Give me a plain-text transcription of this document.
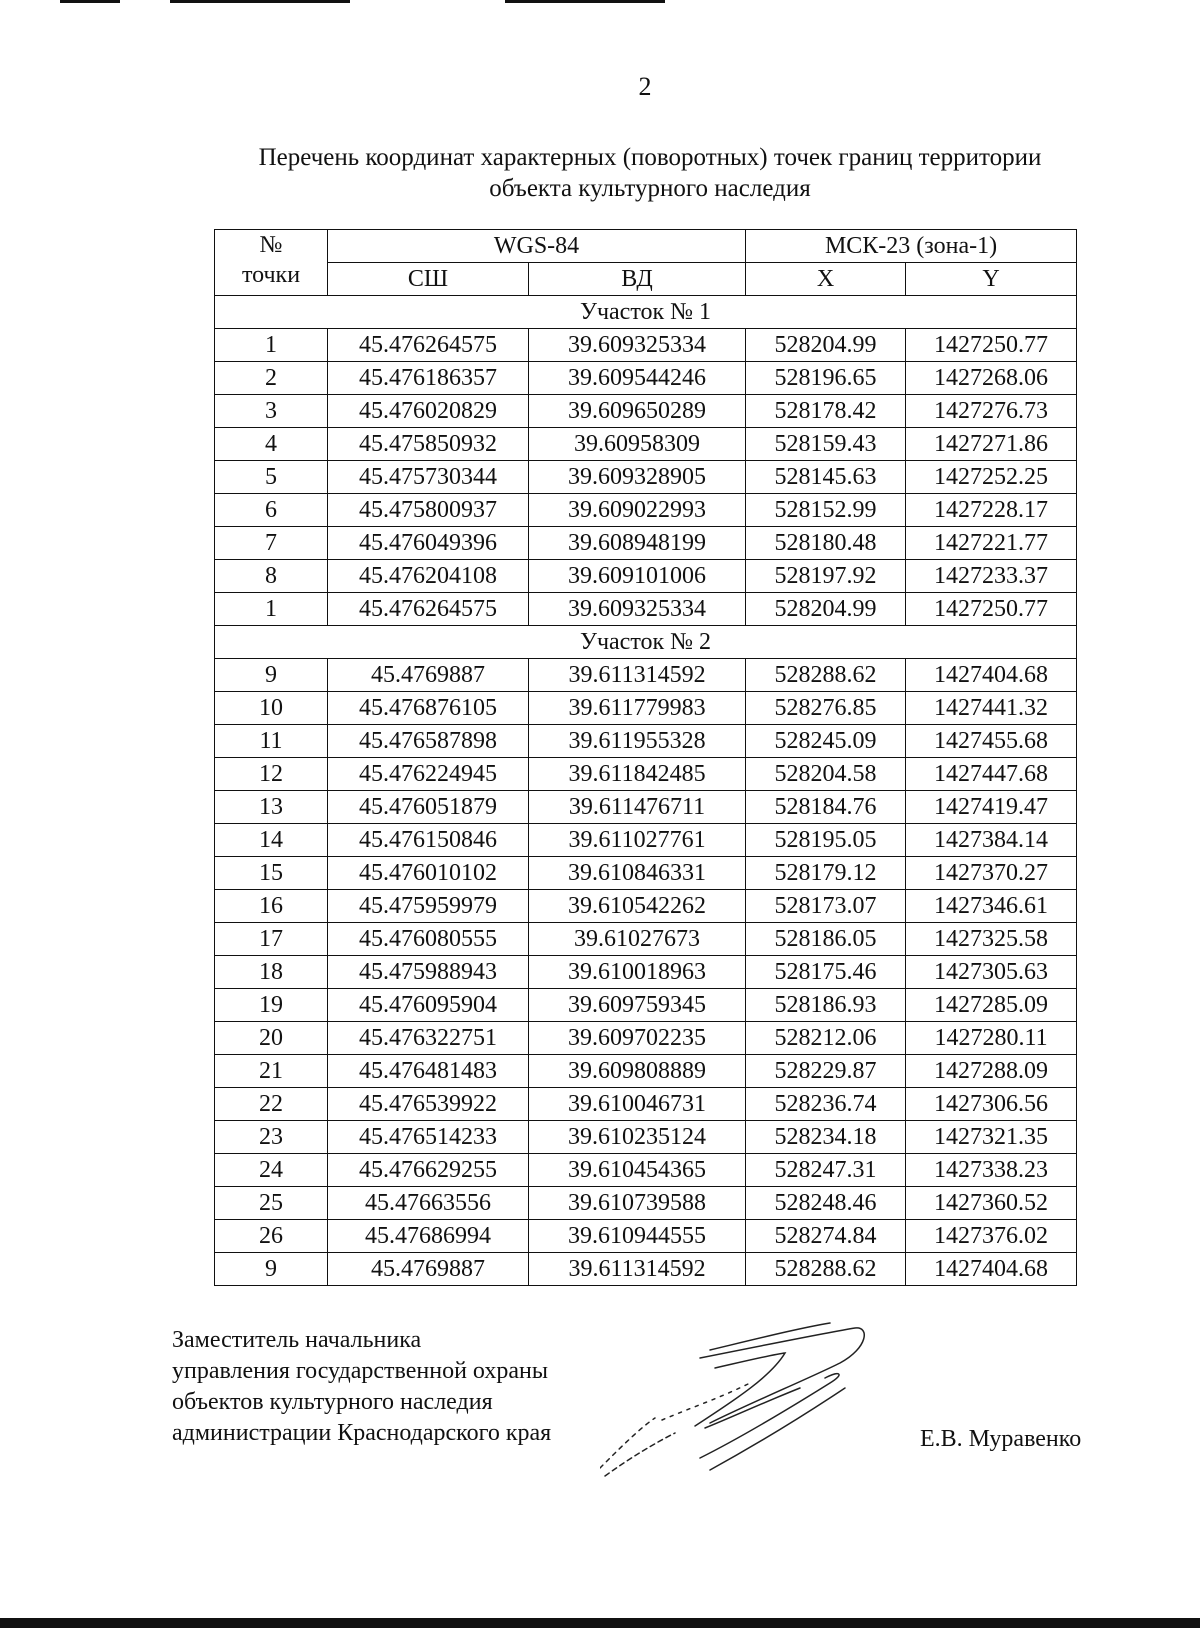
2
Перечень координат характерных (поворотных) точек границ территории
объекта культурного наследия
№
точки	WGS-84		МСК-23 (зона-1)	
	СШ	ВД	X	Y
Участок № 1				
1	45.476264575	39.609325334	528204.99	1427250.77
2	45.476186357	39.609544246	528196.65	1427268.06
3	45.476020829	39.609650289	528178.42	1427276.73
4	45.475850932	39.60958309	528159.43	1427271.86
5	45.475730344	39.609328905	528145.63	1427252.25
6	45.475800937	39.609022993	528152.99	1427228.17
7	45.476049396	39.608948199	528180.48	1427221.77
8	45.476204108	39.609101006	528197.92	1427233.37
1	45.476264575	39.609325334	528204.99	1427250.77
Участок № 2				
9	45.4769887	39.611314592	528288.62	1427404.68
10	45.476876105	39.611779983	528276.85	1427441.32
11	45.476587898	39.611955328	528245.09	1427455.68
12	45.476224945	39.611842485	528204.58	1427447.68
13	45.476051879	39.611476711	528184.76	1427419.47
14	45.476150846	39.611027761	528195.05	1427384.14
15	45.476010102	39.610846331	528179.12	1427370.27
16	45.475959979	39.610542262	528173.07	1427346.61
17	45.476080555	39.61027673	528186.05	1427325.58
18	45.475988943	39.610018963	528175.46	1427305.63
19	45.476095904	39.609759345	528186.93	1427285.09
20	45.476322751	39.609702235	528212.06	1427280.11
21	45.476481483	39.609808889	528229.87	1427288.09
22	45.476539922	39.610046731	528236.74	1427306.56
23	45.476514233	39.610235124	528234.18	1427321.35
24	45.476629255	39.610454365	528247.31	1427338.23
25	45.47663556	39.610739588	528248.46	1427360.52
26	45.47686994	39.610944555	528274.84	1427376.02
9	45.4769887	39.611314592	528288.62	1427404.68
Заместитель начальника
управления государственной охраны
объектов культурного наследия
администрации Краснодарского края	Е.В. Муравенко
